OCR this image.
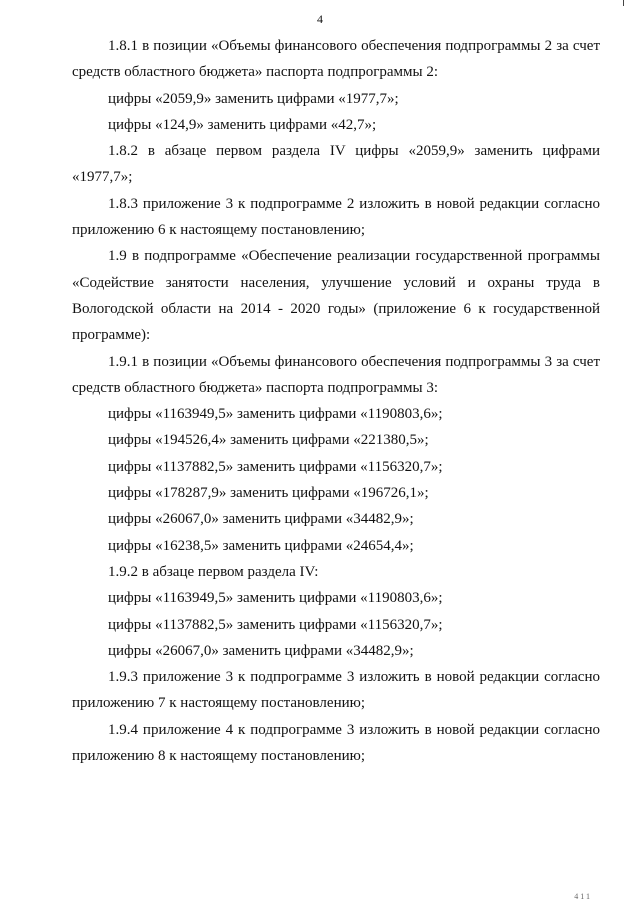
4

1.8.1 в позиции «Объемы финансового обеспечения подпрограммы 2 за счет средств областного бюджета» паспорта подпрограммы 2:

цифры «2059,9» заменить цифрами «1977,7»;

цифры «124,9» заменить цифрами «42,7»;

1.8.2 в абзаце первом раздела IV цифры «2059,9» заменить цифрами «1977,7»;

1.8.3 приложение 3 к подпрограмме 2 изложить в новой редакции согласно приложению 6 к настоящему постановлению;

1.9 в подпрограмме «Обеспечение реализации государственной программы «Содействие занятости населения, улучшение условий и охраны труда в Вологодской области на 2014 - 2020 годы» (приложение 6 к государственной программе):

1.9.1 в позиции «Объемы финансового обеспечения подпрограммы 3 за счет средств областного бюджета» паспорта подпрограммы 3:

цифры «1163949,5» заменить цифрами «1190803,6»;

цифры «194526,4» заменить цифрами «221380,5»;

цифры «1137882,5» заменить цифрами «1156320,7»;

цифры «178287,9» заменить цифрами «196726,1»;

цифры «26067,0» заменить цифрами «34482,9»;

цифры «16238,5» заменить цифрами «24654,4»;

1.9.2 в абзаце первом раздела IV:

цифры «1163949,5» заменить цифрами «1190803,6»;

цифры «1137882,5» заменить цифрами «1156320,7»;

цифры «26067,0» заменить цифрами «34482,9»;

1.9.3 приложение 3 к подпрограмме 3 изложить в новой редакции согласно приложению 7 к настоящему постановлению;

1.9.4 приложение 4 к подпрограмме 3 изложить в новой редакции согласно приложению 8 к настоящему постановлению;

411
